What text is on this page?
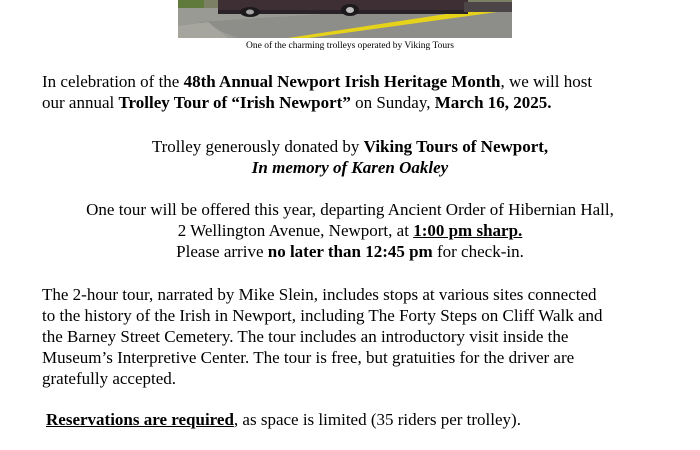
One of the charming trolleys operated by Viking Tours
In celebration of the 48th Annual Newport Irish Heritage Month, we will host
our annual Trolley Tour of “Irish Newport” on Sunday, March 16, 2025.
Trolley generously donated by Viking Tours of Newport,
In memory of Karen Oakley
One tour will be offered this year, departing Ancient Order of Hibernian Hall,
2 Wellington Avenue, Newport, at 1:00 pm sharp.
Please arrive no later than 12:45 pm for check-in.
The 2-hour tour, narrated by Mike Slein, includes stops at various sites connected
to the history of the Irish in Newport, including The Forty Steps on Cliff Walk and
the Barney Street Cemetery. The tour includes an introductory visit inside the
Museum’s Interpretive Center. The tour is free, but gratuities for the driver are
gratefully accepted.
Reservations are required, as space is limited (35 riders per trolley).
